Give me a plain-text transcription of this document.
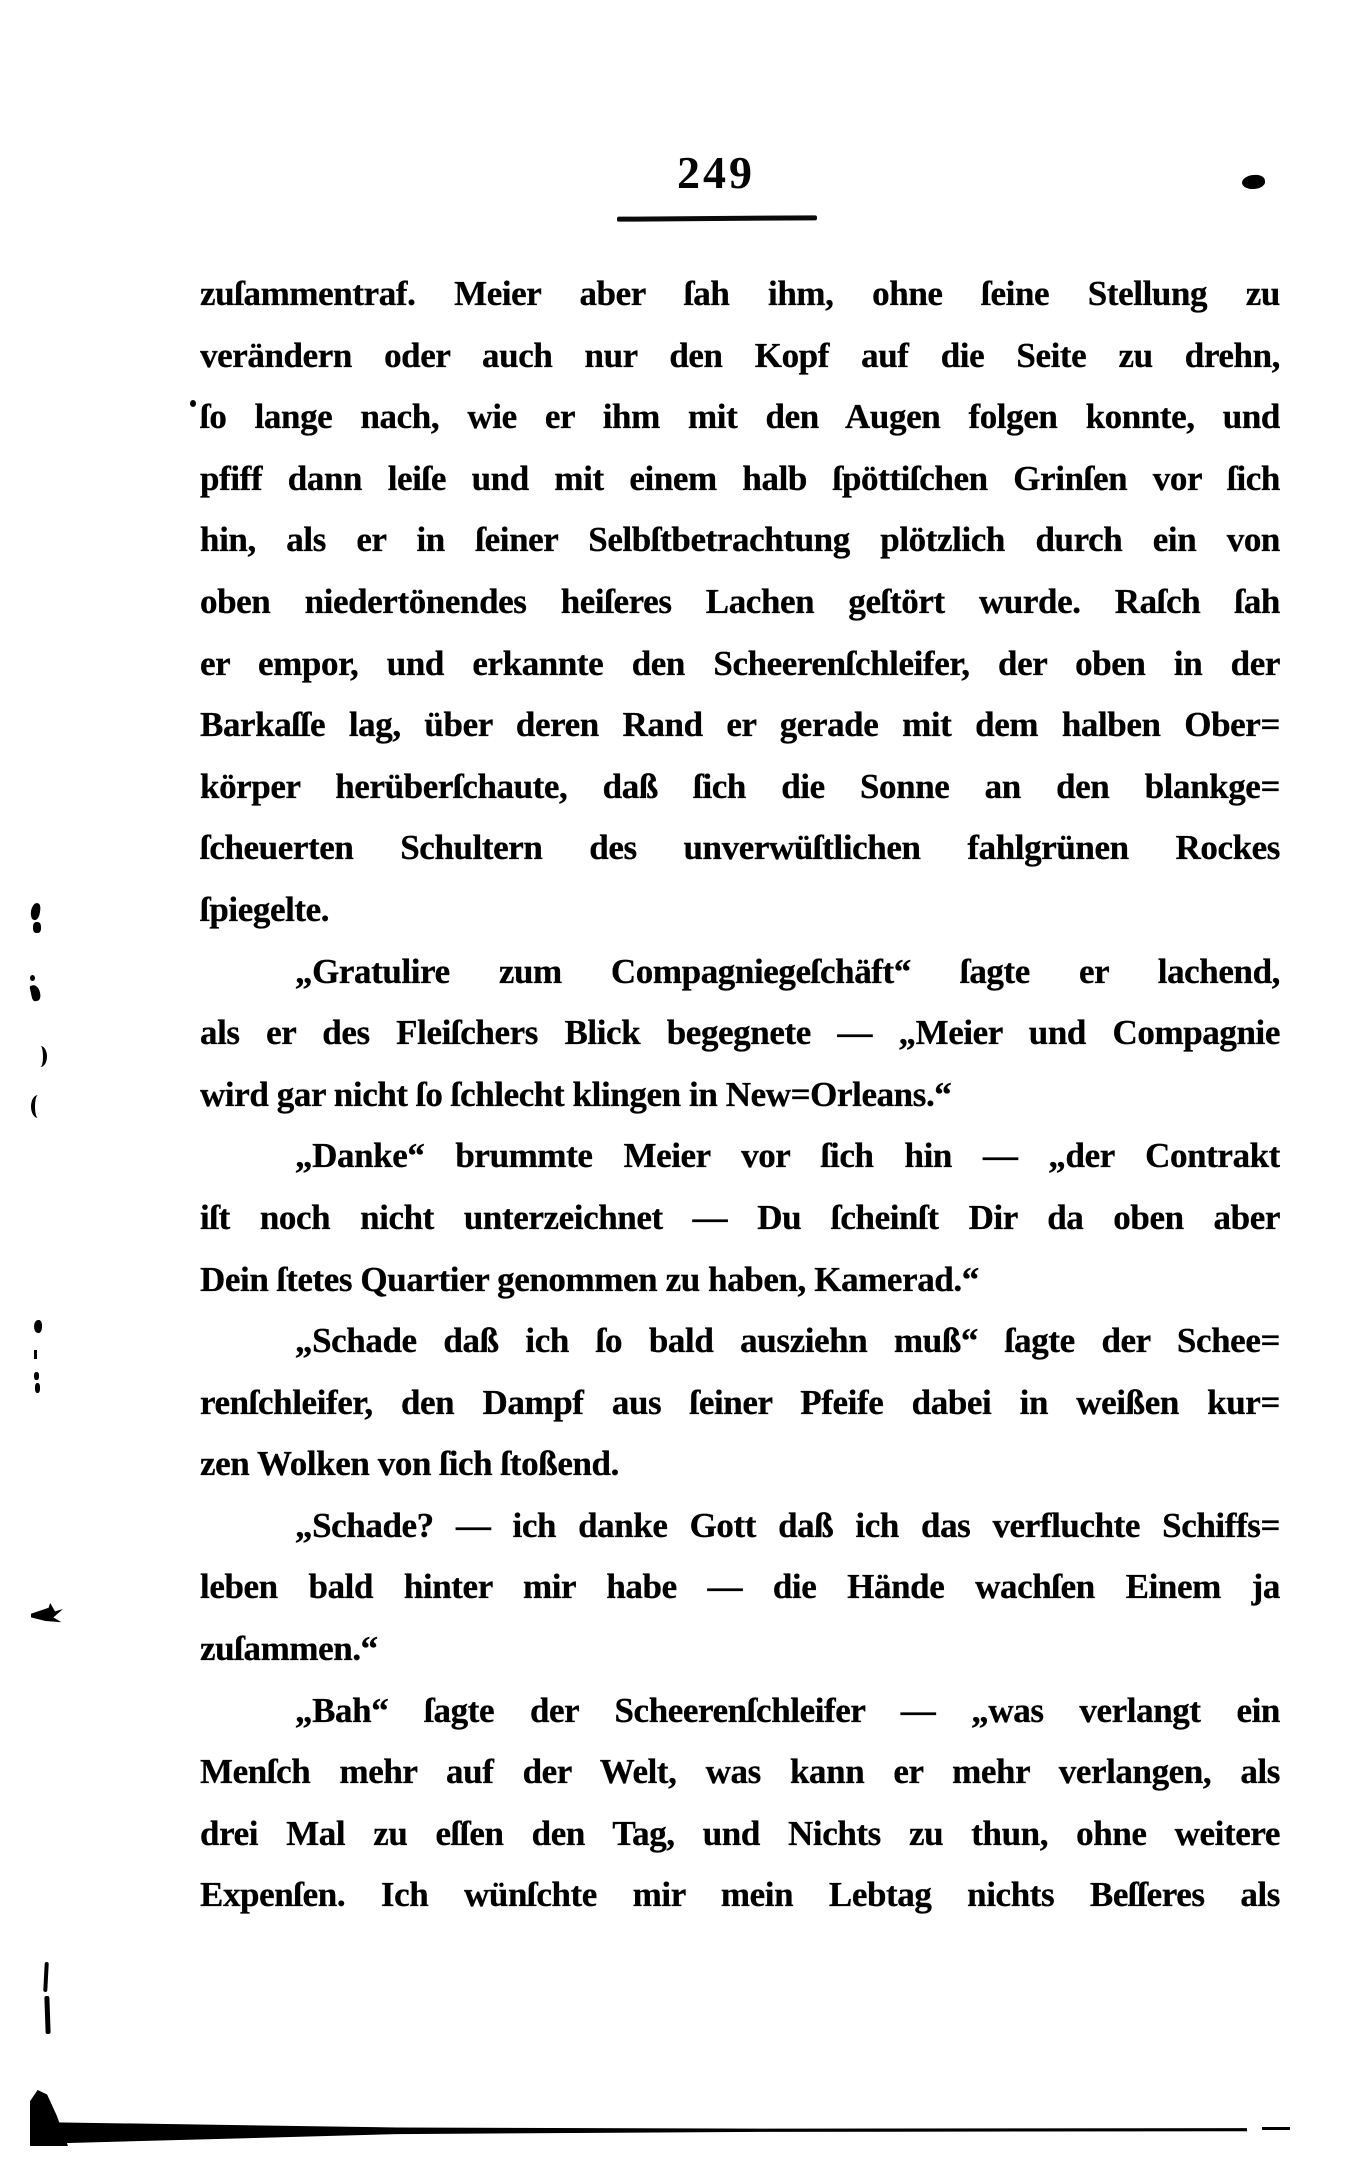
249
zuſammentraf. Meier aber ſah ihm, ohne ſeine Stellung zu
verändern oder auch nur den Kopf auf die Seite zu drehn,
ſo lange nach, wie er ihm mit den Augen folgen konnte, und
pfiff dann leiſe und mit einem halb ſpöttiſchen Grinſen vor ſich
hin, als er in ſeiner Selbſtbetrachtung plötzlich durch ein von
oben niedertönendes heiſeres Lachen geſtört wurde. Raſch ſah
er empor, und erkannte den Scheerenſchleifer, der oben in der
Barkaſſe lag, über deren Rand er gerade mit dem halben Ober=
körper herüberſchaute, daß ſich die Sonne an den blankge=
ſcheuerten Schultern des unverwüſtlichen fahlgrünen Rockes
ſpiegelte.
„Gratulire zum Compagniegeſchäft“ ſagte er lachend,
als er des Fleiſchers Blick begegnete — „Meier und Compagnie
wird gar nicht ſo ſchlecht klingen in New=Orleans.“
„Danke“ brummte Meier vor ſich hin — „der Contrakt
iſt noch nicht unterzeichnet — Du ſcheinſt Dir da oben aber
Dein ſtetes Quartier genommen zu haben, Kamerad.“
„Schade daß ich ſo bald ausziehn muß“ ſagte der Schee=
renſchleifer, den Dampf aus ſeiner Pfeife dabei in weißen kur=
zen Wolken von ſich ſtoßend.
„Schade? — ich danke Gott daß ich das verfluchte Schiffs=
leben bald hinter mir habe — die Hände wachſen Einem ja
zuſammen.“
„Bah“ ſagte der Scheerenſchleifer — „was verlangt ein
Menſch mehr auf der Welt, was kann er mehr verlangen, als
drei Mal zu eſſen den Tag, und Nichts zu thun, ohne weitere
Expenſen. Ich wünſchte mir mein Lebtag nichts Beſſeres als
